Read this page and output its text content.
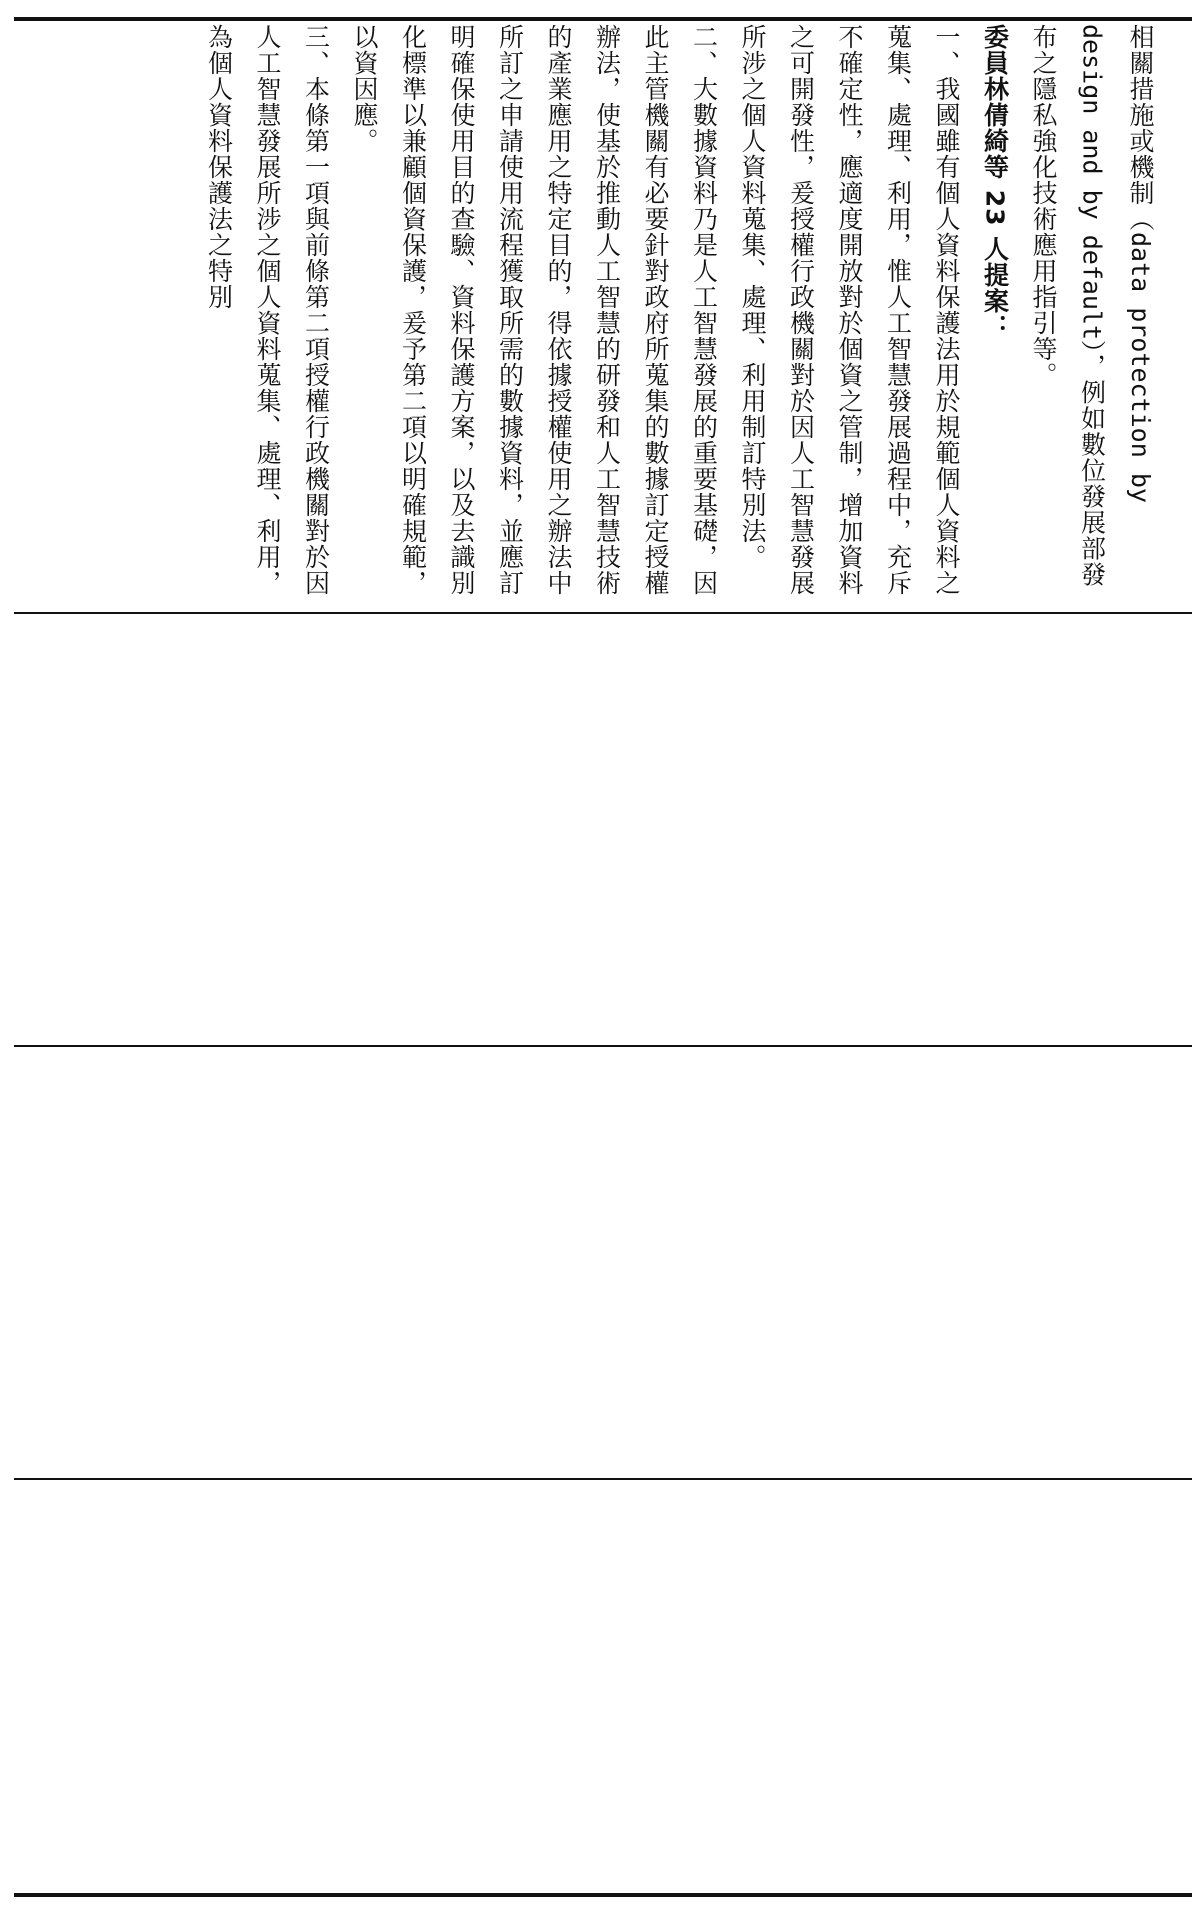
相關措施或機制（data protection by design and by default），例如數位發展部發布之隱私強化技術應用指引等。

委員林倩綺等 23 人提案：

一、我國雖有個人資料保護法用於規範個人資料之蒐集、處理、利用，惟人工智慧發展過程中，充斥不確定性，應適度開放對於個資之管制，增加資料之可開發性，爰授權行政機關對於因人工智慧發展所涉之個人資料蒐集、處理、利用制訂特別法。

二、大數據資料乃是人工智慧發展的重要基礎，因此主管機關有必要針對政府所蒐集的數據訂定授權辦法，使基於推動人工智慧的研發和人工智慧技術的產業應用之特定目的，得依據授權使用之辦法中所訂之申請使用流程獲取所需的數據資料，並應訂明確保使用目的查驗、資料保護方案，以及去識別化標準以兼顧個資保護，爰予第二項以明確規範，以資因應。

三、本條第一項與前條第二項授權行政機關對於因人工智慧發展所涉之個人資料蒐集、處理、利用，為個人資料保護法之特別
